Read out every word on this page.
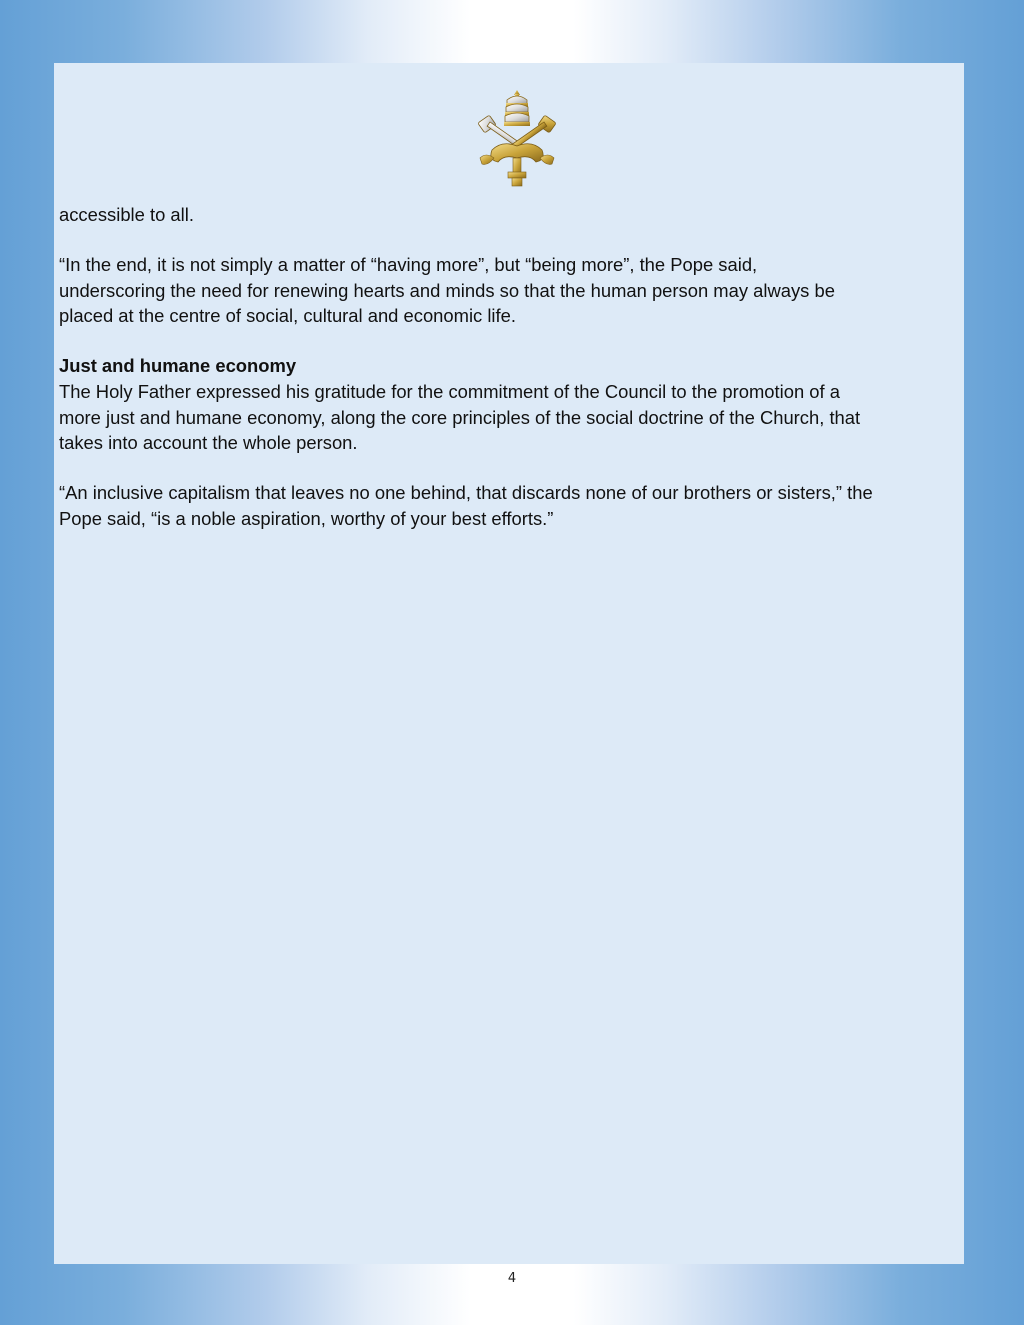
accessible to all.

“In the end, it is not simply a matter of “having more”, but “being more”, the Pope said,

underscoring the need for renewing hearts and minds so that the human person may always be

placed at the centre of social, cultural and economic life.

Just and humane economy

The Holy Father expressed his gratitude for the commitment of the Council to the promotion of a

more just and humane economy, along the core principles of the social doctrine of the Church, that

takes into account the whole person.

“An inclusive capitalism that leaves no one behind, that discards none of our brothers or sisters,” the

Pope said, “is a noble aspiration, worthy of your best efforts.”

4
